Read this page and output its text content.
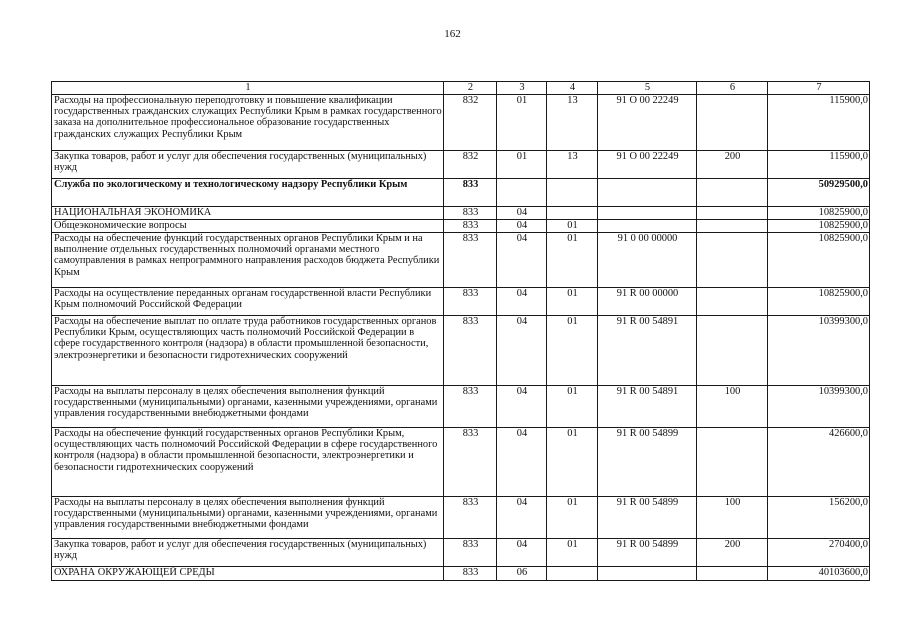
162
1	2	3	4	5	6	7
Расходы на профессиональную переподготовку и повышение квалификации государственных гражданских служащих Республики Крым в рамках государственного заказа на дополнительное профессиональное образование государственных гражданских служащих Республики Крым	832	01	13	91 О 00 22249		115900,0
Закупка товаров, работ и услуг для обеспечения государственных (муниципальных) нужд	832	01	13	91 О 00 22249	200	115900,0
Служба по экологическому и технологическому надзору Республики Крым	833					50929500,0
НАЦИОНАЛЬНАЯ ЭКОНОМИКА	833	04				10825900,0
Общеэкономические вопросы	833	04	01			10825900,0
Расходы на обеспечение функций государственных органов Республики Крым и на выполнение отдельных государственных полномочий органами местного самоуправления в рамках непрограммного направления расходов бюджета Республики Крым	833	04	01	91 0 00 00000		10825900,0
Расходы на осуществление переданных органам государственной власти Республики Крым полномочий Российской Федерации	833	04	01	91 R 00 00000		10825900,0
Расходы на обеспечение выплат по оплате труда работников государственных органов Республики Крым, осуществляющих часть полномочий Российской Федерации в сфере государственного контроля (надзора) в области промышленной безопасности, электроэнергетики и безопасности гидротехнических сооружений	833	04	01	91 R 00 54891		10399300,0
Расходы на выплаты персоналу в целях обеспечения выполнения функций государственными (муниципальными) органами, казенными учреждениями, органами управления государственными внебюджетными фондами	833	04	01	91 R 00 54891	100	10399300,0
Расходы на обеспечение функций государственных органов Республики Крым, осуществляющих часть полномочий Российской Федерации в сфере государственного контроля (надзора) в области промышленной безопасности, электроэнергетики и безопасности гидротехнических сооружений	833	04	01	91 R 00 54899		426600,0
Расходы на выплаты персоналу в целях обеспечения выполнения функций государственными (муниципальными) органами, казенными учреждениями, органами управления государственными внебюджетными фондами	833	04	01	91 R 00 54899	100	156200,0
Закупка товаров, работ и услуг для обеспечения государственных (муниципальных) нужд	833	04	01	91 R 00 54899	200	270400,0
ОХРАНА ОКРУЖАЮЩЕЙ СРЕДЫ	833	06				40103600,0
